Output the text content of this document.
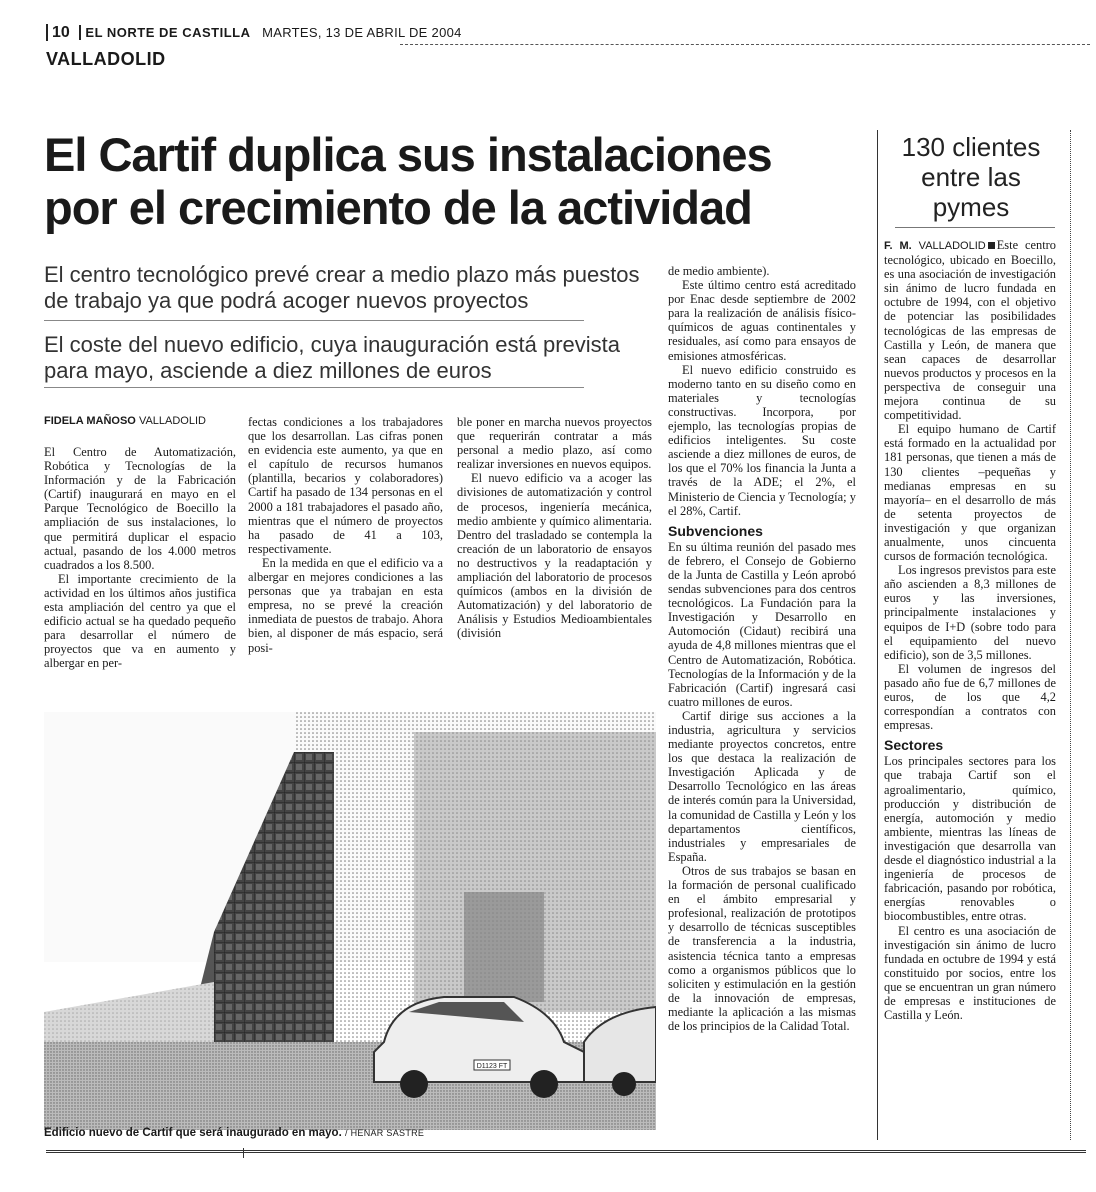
10 EL NORTE DE CASTILLA MARTES, 13 DE ABRIL DE 2004
VALLADOLID
El Cartif duplica sus instalaciones
por el crecimiento de la actividad
El centro tecnológico prevé crear a medio plazo más puestos de trabajo ya que podrá acoger nuevos proyectos
El coste del nuevo edificio, cuya inauguración está prevista para mayo, asciende a diez millones de euros
FIDELA MAÑOSO VALLADOLID

El Centro de Automatización, Robótica y Tecnologías de la Información y de la Fabricación (Cartif) inaugurará en mayo en el Parque Tecnológico de Boecillo la ampliación de sus instalaciones, lo que permitirá duplicar el espacio actual, pasando de los 4.000 metros cuadrados a los 8.500.

El importante crecimiento de la actividad en los últimos años justifica esta ampliación del centro ya que el edificio actual se ha quedado pequeño para desarrollar el número de proyectos que va en aumento y albergar en per-

fectas condiciones a los trabajadores que los desarrollan. Las cifras ponen en evidencia este aumento, ya que en el capítulo de recursos humanos (plantilla, becarios y colaboradores) Cartif ha pasado de 134 personas en el 2000 a 181 trabajadores el pasado año, mientras que el número de proyectos ha pasado de 41 a 103, respectivamente.

En la medida en que el edificio va a albergar en mejores condiciones a las personas que ya trabajan en esta empresa, no se prevé la creación inmediata de puestos de trabajo. Ahora bien, al disponer de más espacio, será posi-

ble poner en marcha nuevos proyectos que requerirán contratar a más personal a medio plazo, así como realizar inversiones en nuevos equipos.

El nuevo edificio va a acoger las divisiones de automatización y control de procesos, ingeniería mecánica, medio ambiente y químico alimentaria. Dentro del trasladado se contempla la creación de un laboratorio de ensayos no destructivos y la readaptación y ampliación del laboratorio de procesos químicos (ambos en la división de Automatización) y del laboratorio de Análisis y Estudios Medioambientales (división

de medio ambiente).

Este último centro está acreditado por Enac desde septiembre de 2002 para la realización de análisis físico-químicos de aguas continentales y residuales, así como para ensayos de emisiones atmosféricas.

El nuevo edificio construido es moderno tanto en su diseño como en materiales y tecnologías constructivas. Incorpora, por ejemplo, las tecnologías propias de edificios inteligentes. Su coste asciende a diez millones de euros, de los que el 70% los financia la Junta a través de la ADE; el 2%, el Ministerio de Ciencia y Tecnología; y el 28%, Cartif.

Subvenciones

En su última reunión del pasado mes de febrero, el Consejo de Gobierno de la Junta de Castilla y León aprobó sendas subvenciones para dos centros tecnológicos. La Fundación para la Investigación y Desarrollo en Automoción (Cidaut) recibirá una ayuda de 4,8 millones mientras que el Centro de Automatización, Robótica. Tecnologías de la Información y de la Fabricación (Cartif) ingresará casi cuatro millones de euros.

Cartif dirige sus acciones a la industria, agricultura y servicios mediante proyectos concretos, entre los que destaca la realización de Investigación Aplicada y de Desarrollo Tecnológico en las áreas de interés común para la Universidad, la comunidad de Castilla y León y los departamentos científicos, industriales y empresariales de España.

Otros de sus trabajos se basan en la formación de personal cualificado en el ámbito empresarial y profesional, realización de prototipos y desarrollo de técnicas susceptibles de transferencia a la industria, asistencia técnica tanto a empresas como a organismos públicos que lo soliciten y estimulación en la gestión de la innovación de empresas, mediante la aplicación a las mismas de los principios de la Calidad Total.

130 clientes entre las pymes

F. M. VALLADOLID Este centro tecnológico, ubicado en Boecillo, es una asociación de investigación sin ánimo de lucro fundada en octubre de 1994, con el objetivo de potenciar las posibilidades tecnológicas de las empresas de Castilla y León, de manera que sean capaces de desarrollar nuevos productos y procesos en la perspectiva de conseguir una mejora continua de su competitividad.

El equipo humano de Cartif está formado en la actualidad por 181 personas, que tienen a más de 130 clientes –pequeñas y medianas empresas en su mayoría– en el desarrollo de más de setenta proyectos de investigación y que organizan anualmente, unos cincuenta cursos de formación tecnológica.

Los ingresos previstos para este año ascienden a 8,3 millones de euros y las inversiones, principalmente instalaciones y equipos de I+D (sobre todo para el equipamiento del nuevo edificio), son de 3,5 millones.

El volumen de ingresos del pasado año fue de 6,7 millones de euros, de los que 4,2 correspondían a contratos con empresas.

Sectores

Los principales sectores para los que trabaja Cartif son el agroalimentario, químico, producción y distribución de energía, automoción y medio ambiente, mientras las líneas de investigación que desarrolla van desde el diagnóstico industrial a la ingeniería de procesos de fabricación, pasando por robótica, energías renovables o biocombustibles, entre otras.

El centro es una asociación de investigación sin ánimo de lucro fundada en octubre de 1994 y está constituido por socios, entre los que se encuentran un gran número de empresas e instituciones de Castilla y León.

D1123 FT
Edificio nuevo de Cartif que será inaugurado en mayo. / HENAR SASTRE
